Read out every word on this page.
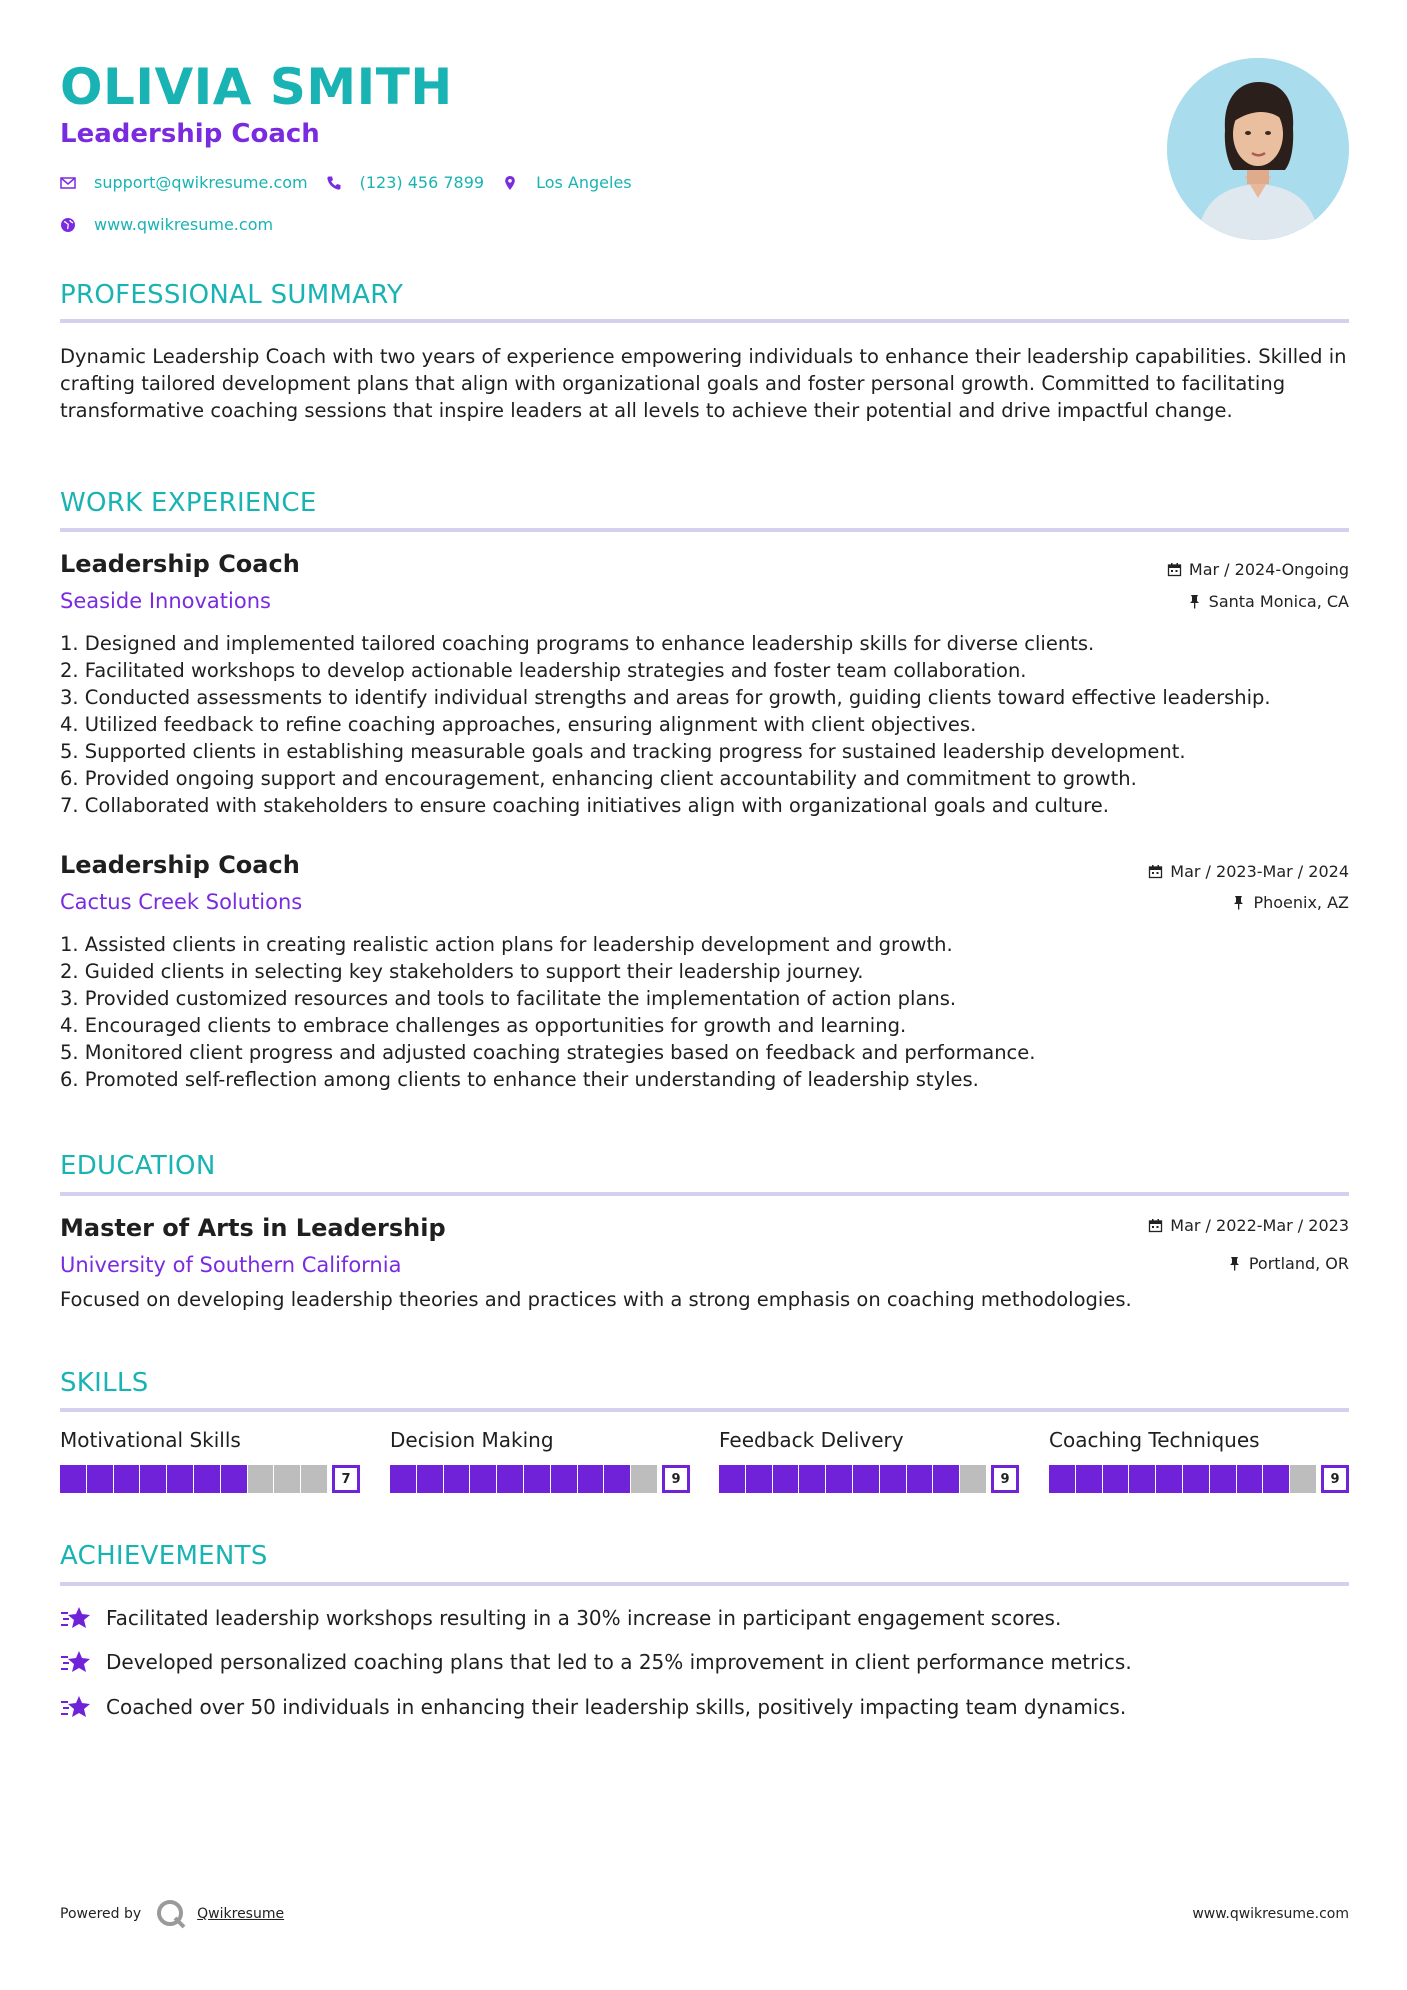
OLIVIA SMITH
Leadership Coach
support@qwikresume.com	(123) 456 7899	Los Angeles
www.qwikresume.com
PROFESSIONAL SUMMARY

Dynamic Leadership Coach with two years of experience empowering individuals to enhance their leadership capabilities. Skilled in crafting tailored development plans that align with organizational goals and foster personal growth. Committed to facilitating transformative coaching sessions that inspire leaders at all levels to achieve their potential and drive impactful change.

WORK EXPERIENCE
Leadership Coach

Seaside Innovations

Mar / 2024-Ongoing
Santa Monica, CA
1. Designed and implemented tailored coaching programs to enhance leadership skills for diverse clients.
2. Facilitated workshops to develop actionable leadership strategies and foster team collaboration.
3. Conducted assessments to identify individual strengths and areas for growth, guiding clients toward effective leadership.
4. Utilized feedback to refine coaching approaches, ensuring alignment with client objectives.
5. Supported clients in establishing measurable goals and tracking progress for sustained leadership development.
6. Provided ongoing support and encouragement, enhancing client accountability and commitment to growth.
7. Collaborated with stakeholders to ensure coaching initiatives align with organizational goals and culture.
Leadership Coach

Cactus Creek Solutions

Mar / 2023-Mar / 2024
Phoenix, AZ
1. Assisted clients in creating realistic action plans for leadership development and growth.
2. Guided clients in selecting key stakeholders to support their leadership journey.
3. Provided customized resources and tools to facilitate the implementation of action plans.
4. Encouraged clients to embrace challenges as opportunities for growth and learning.
5. Monitored client progress and adjusted coaching strategies based on feedback and performance.
6. Promoted self-reflection among clients to enhance their understanding of leadership styles.
EDUCATION
Master of Arts in Leadership

University of Southern California

Mar / 2022-Mar / 2023
Portland, OR

Focused on developing leadership theories and practices with a strong emphasis on coaching methodologies.

SKILLS

Motivational Skills

7

Decision Making

9

Feedback Delivery

9

Coaching Techniques

9
ACHIEVEMENTS
Facilitated leadership workshops resulting in a 30% increase in participant engagement scores.
Developed personalized coaching plans that led to a 25% improvement in client performance metrics.
Coached over 50 individuals in enhancing their leadership skills, positively impacting team dynamics.
Powered by	Qwikresume	www.qwikresume.com
